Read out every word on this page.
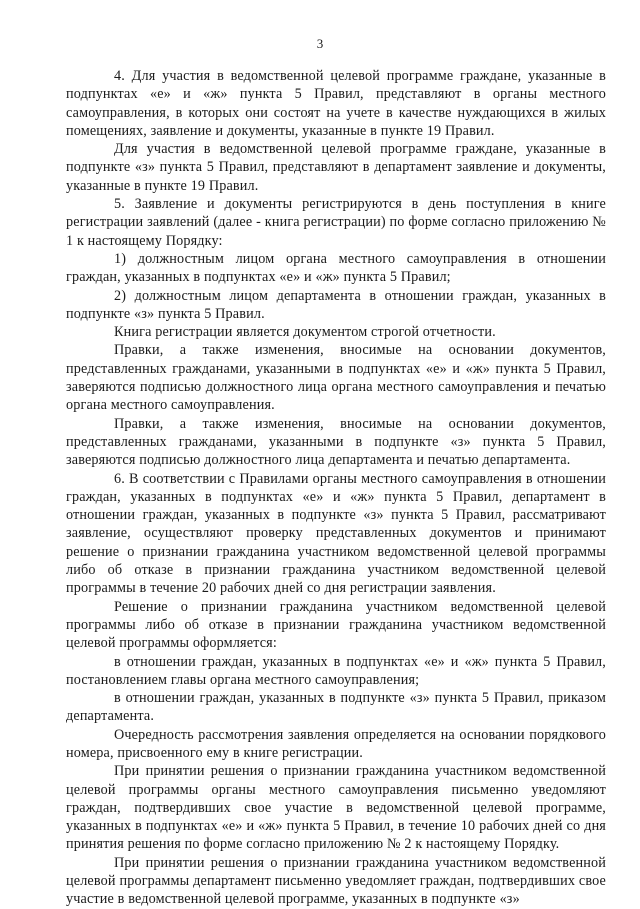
3

4. Для участия в ведомственной целевой программе граждане, указанные в подпунктах «е» и «ж» пункта 5 Правил, представляют в органы местного самоуправления, в которых они состоят на учете в качестве нуждающихся в жилых помещениях, заявление и документы, указанные в пункте 19 Правил.

Для участия в ведомственной целевой программе граждане, указанные в подпункте «з» пункта 5 Правил, представляют в департамент заявление и документы, указанные в пункте 19 Правил.

5. Заявление и документы регистрируются в день поступления в книге регистрации заявлений (далее - книга регистрации) по форме согласно приложению № 1 к настоящему Порядку:

1) должностным лицом органа местного самоуправления в отношении граждан, указанных в подпунктах «е» и «ж» пункта 5 Правил;

2) должностным лицом департамента в отношении граждан, указанных в подпункте «з» пункта 5 Правил.

Книга регистрации является документом строгой отчетности.

Правки, а также изменения, вносимые на основании документов, представленных гражданами, указанными в подпунктах «е» и «ж» пункта 5 Правил, заверяются подписью должностного лица органа местного самоуправления и печатью органа местного самоуправления.

Правки, а также изменения, вносимые на основании документов, представленных гражданами, указанными в подпункте «з» пункта 5 Правил, заверяются подписью должностного лица департамента и печатью департамента.

6. В соответствии с Правилами органы местного самоуправления в отношении граждан, указанных в подпунктах «е» и «ж» пункта 5 Правил, департамент в отношении граждан, указанных в подпункте «з» пункта 5 Правил, рассматривают заявление, осуществляют проверку представленных документов и принимают решение о признании гражданина участником ведомственной целевой программы либо об отказе в признании гражданина участником ведомственной целевой программы в течение 20 рабочих дней со дня регистрации заявления.

Решение о признании гражданина участником ведомственной целевой программы либо об отказе в признании гражданина участником ведомственной целевой программы оформляется:

в отношении граждан, указанных в подпунктах «е» и «ж» пункта 5 Правил, постановлением главы органа местного самоуправления;

в отношении граждан, указанных в подпункте «з» пункта 5 Правил, приказом департамента.

Очередность рассмотрения заявления определяется на основании порядкового номера, присвоенного ему в книге регистрации.

При принятии решения о признании гражданина участником ведомственной целевой программы органы местного самоуправления письменно уведомляют граждан, подтвердивших свое участие в ведомственной целевой программе, указанных в подпунктах «е» и «ж» пункта 5 Правил, в течение 10 рабочих дней со дня принятия решения по форме согласно приложению № 2 к настоящему Порядку.

При принятии решения о признании гражданина участником ведомственной целевой программы департамент письменно уведомляет граждан, подтвердивших свое участие в ведомственной целевой программе, указанных в подпункте «з»
